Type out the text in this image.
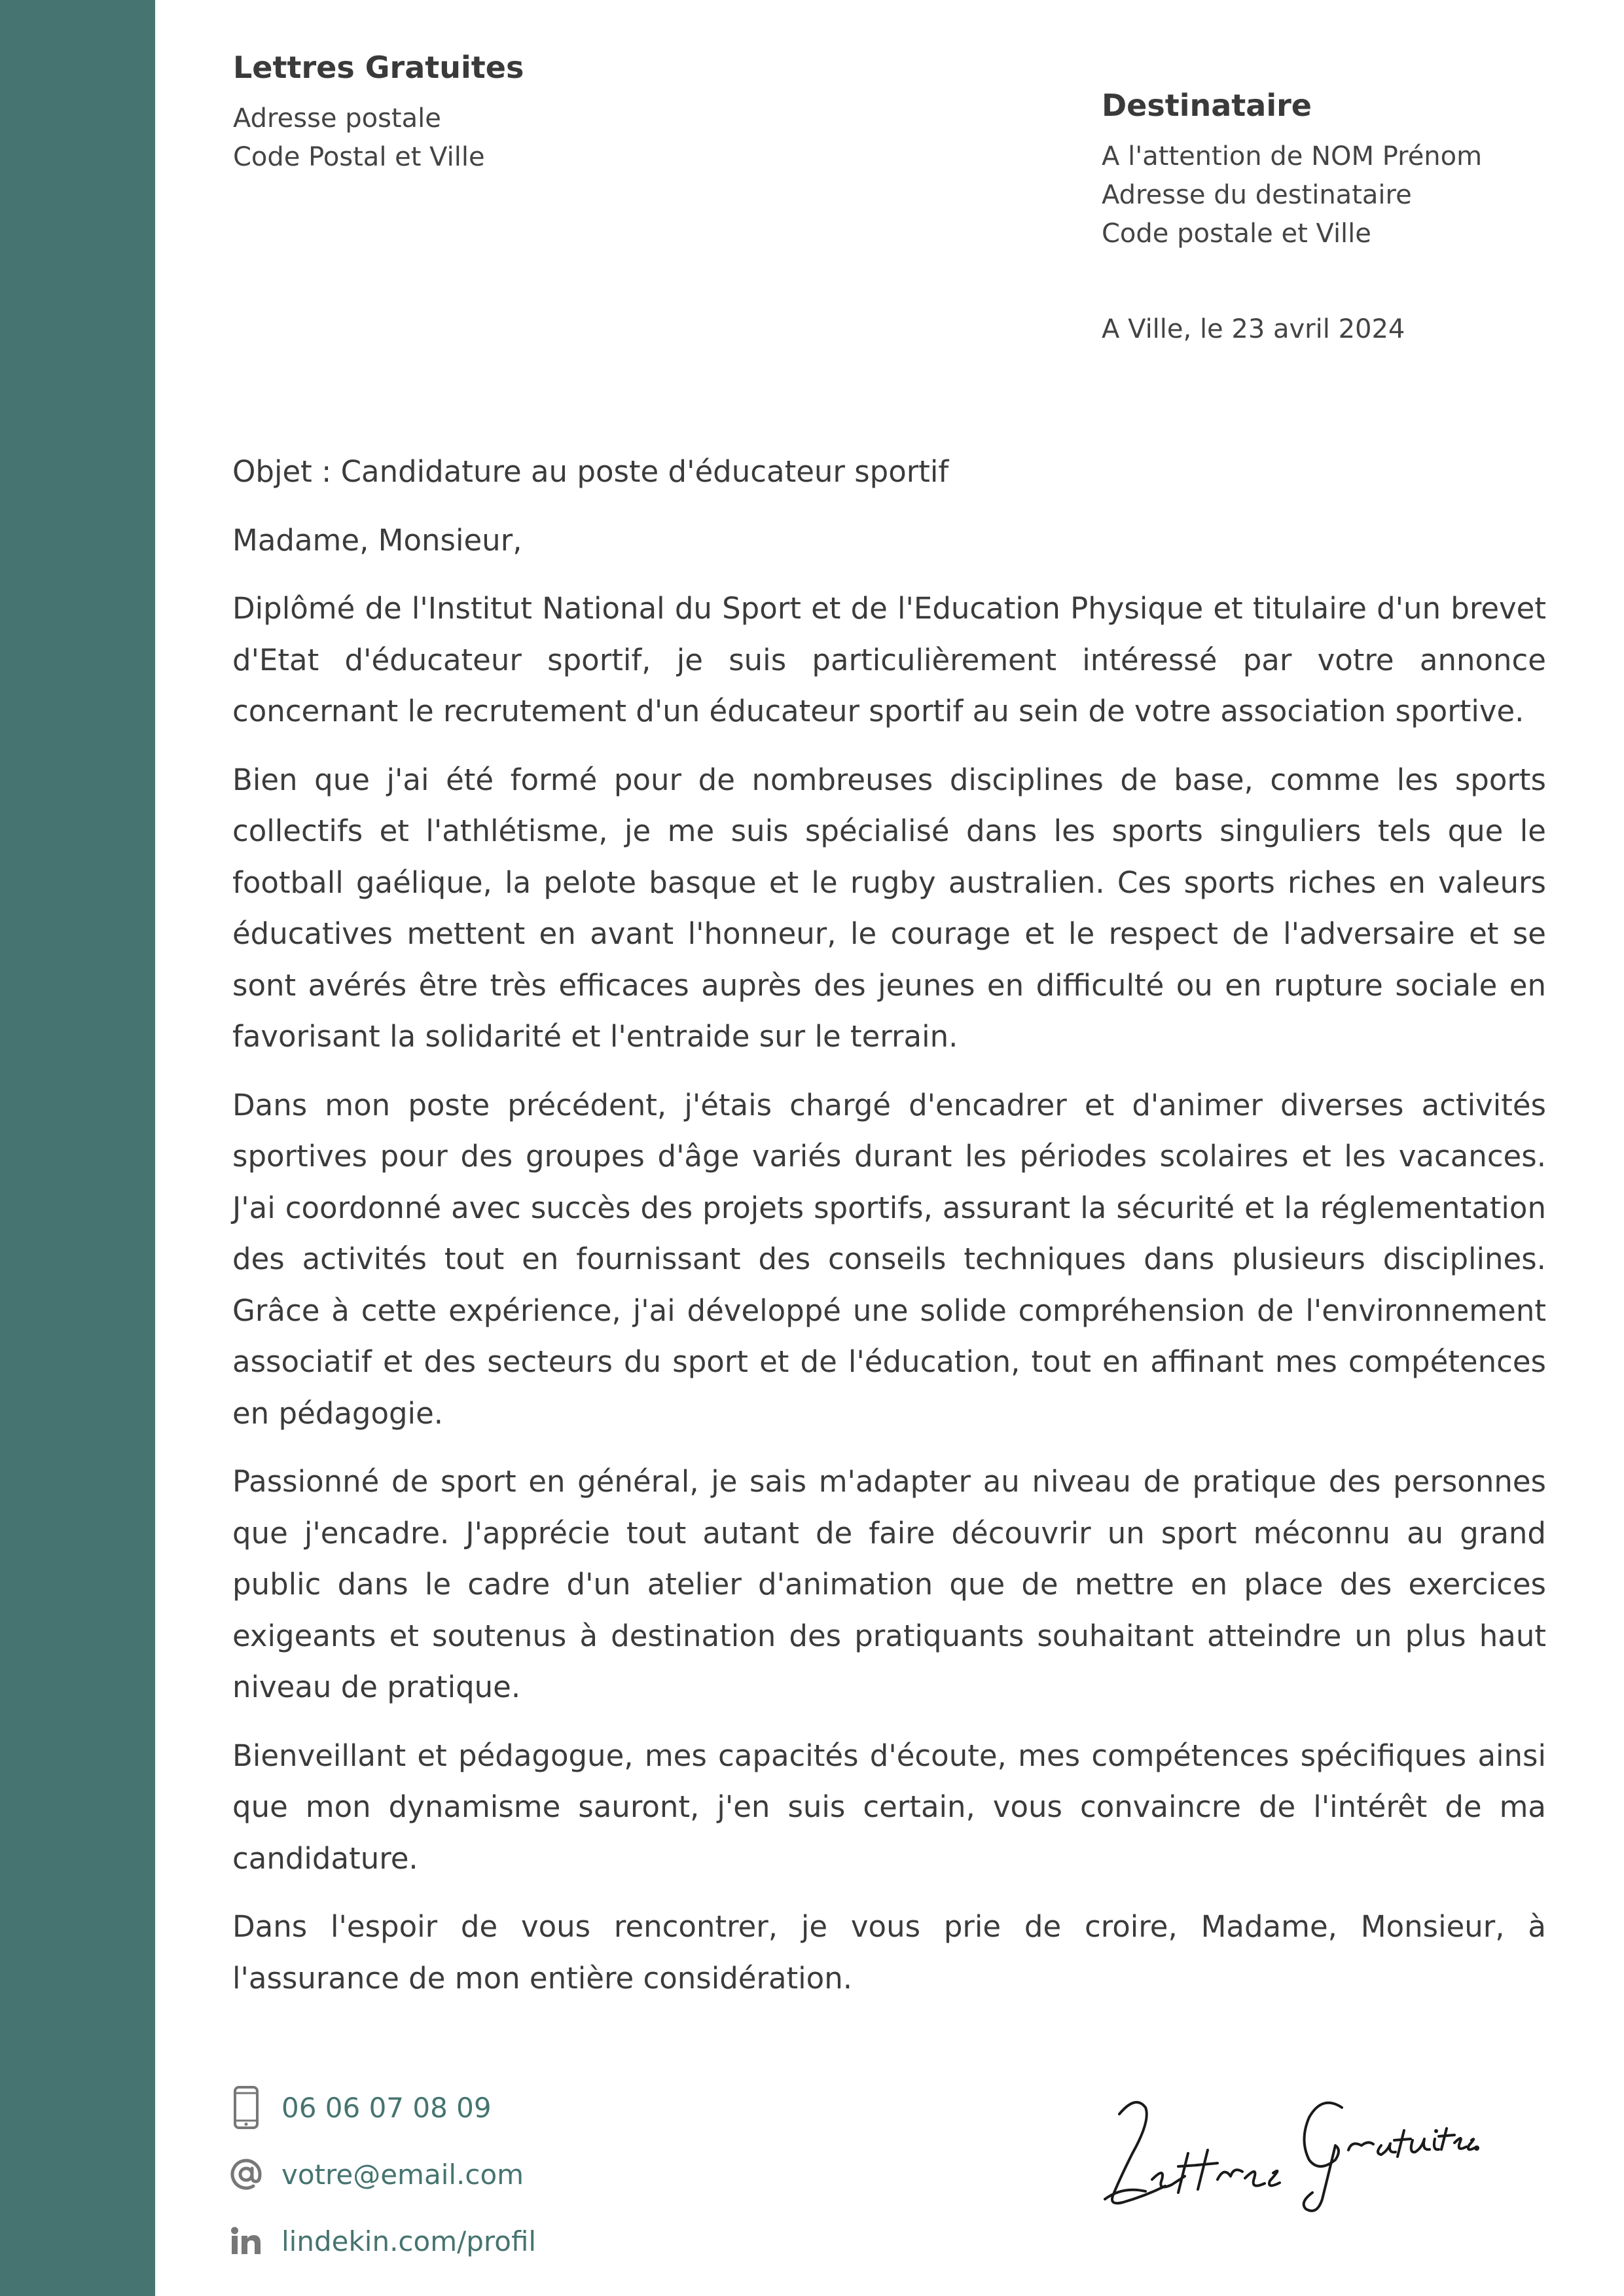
Lettres Gratuites
Adresse postale
Code Postal et Ville
Destinataire
A l'attention de NOM Prénom
Adresse du destinataire
Code postale et Ville
A Ville, le 23 avril 2024

Objet : Candidature au poste d'éducateur sportif

Madame, Monsieur,

Diplômé de l'Institut National du Sport et de l'Education Physique et titulaire d'un brevet d'Etat d'éducateur sportif, je suis particulièrement intéressé par votre annonce concernant le recrutement d'un éducateur sportif au sein de votre association sportive.

Bien que j'ai été formé pour de nombreuses disciplines de base, comme les sports collectifs et l'athlétisme, je me suis spécialisé dans les sports singuliers tels que le football gaélique, la pelote basque et le rugby australien. Ces sports riches en valeurs éducatives mettent en avant l'honneur, le courage et le respect de l'adversaire et se sont avérés être très efficaces auprès des jeunes en difficulté ou en rupture sociale en favorisant la solidarité et l'entraide sur le terrain.

Dans mon poste précédent, j'étais chargé d'encadrer et d'animer diverses activités sportives pour des groupes d'âge variés durant les périodes scolaires et les vacances. J'ai coordonné avec succès des projets sportifs, assurant la sécurité et la réglementation des activités tout en fournissant des conseils techniques dans plusieurs disciplines. Grâce à cette expérience, j'ai développé une solide compréhension de l'environnement associatif et des secteurs du sport et de l'éducation, tout en affinant mes compétences en pédagogie.

Passionné de sport en général, je sais m'adapter au niveau de pratique des personnes que j'encadre. J'apprécie tout autant de faire découvrir un sport méconnu au grand public dans le cadre d'un atelier d'animation que de mettre en place des exercices exigeants et soutenus à destination des pratiquants souhaitant atteindre un plus haut niveau de pratique.

Bienveillant et pédagogue, mes capacités d'écoute, mes compétences spécifiques ainsi que mon dynamisme sauront, j'en suis certain, vous convaincre de l'intérêt de ma candidature.

Dans l'espoir de vous rencontrer, je vous prie de croire, Madame, Monsieur, à l'assurance de mon entière considération.

06 06 07 08 09
votre@email.com
lindekin.com/profil
